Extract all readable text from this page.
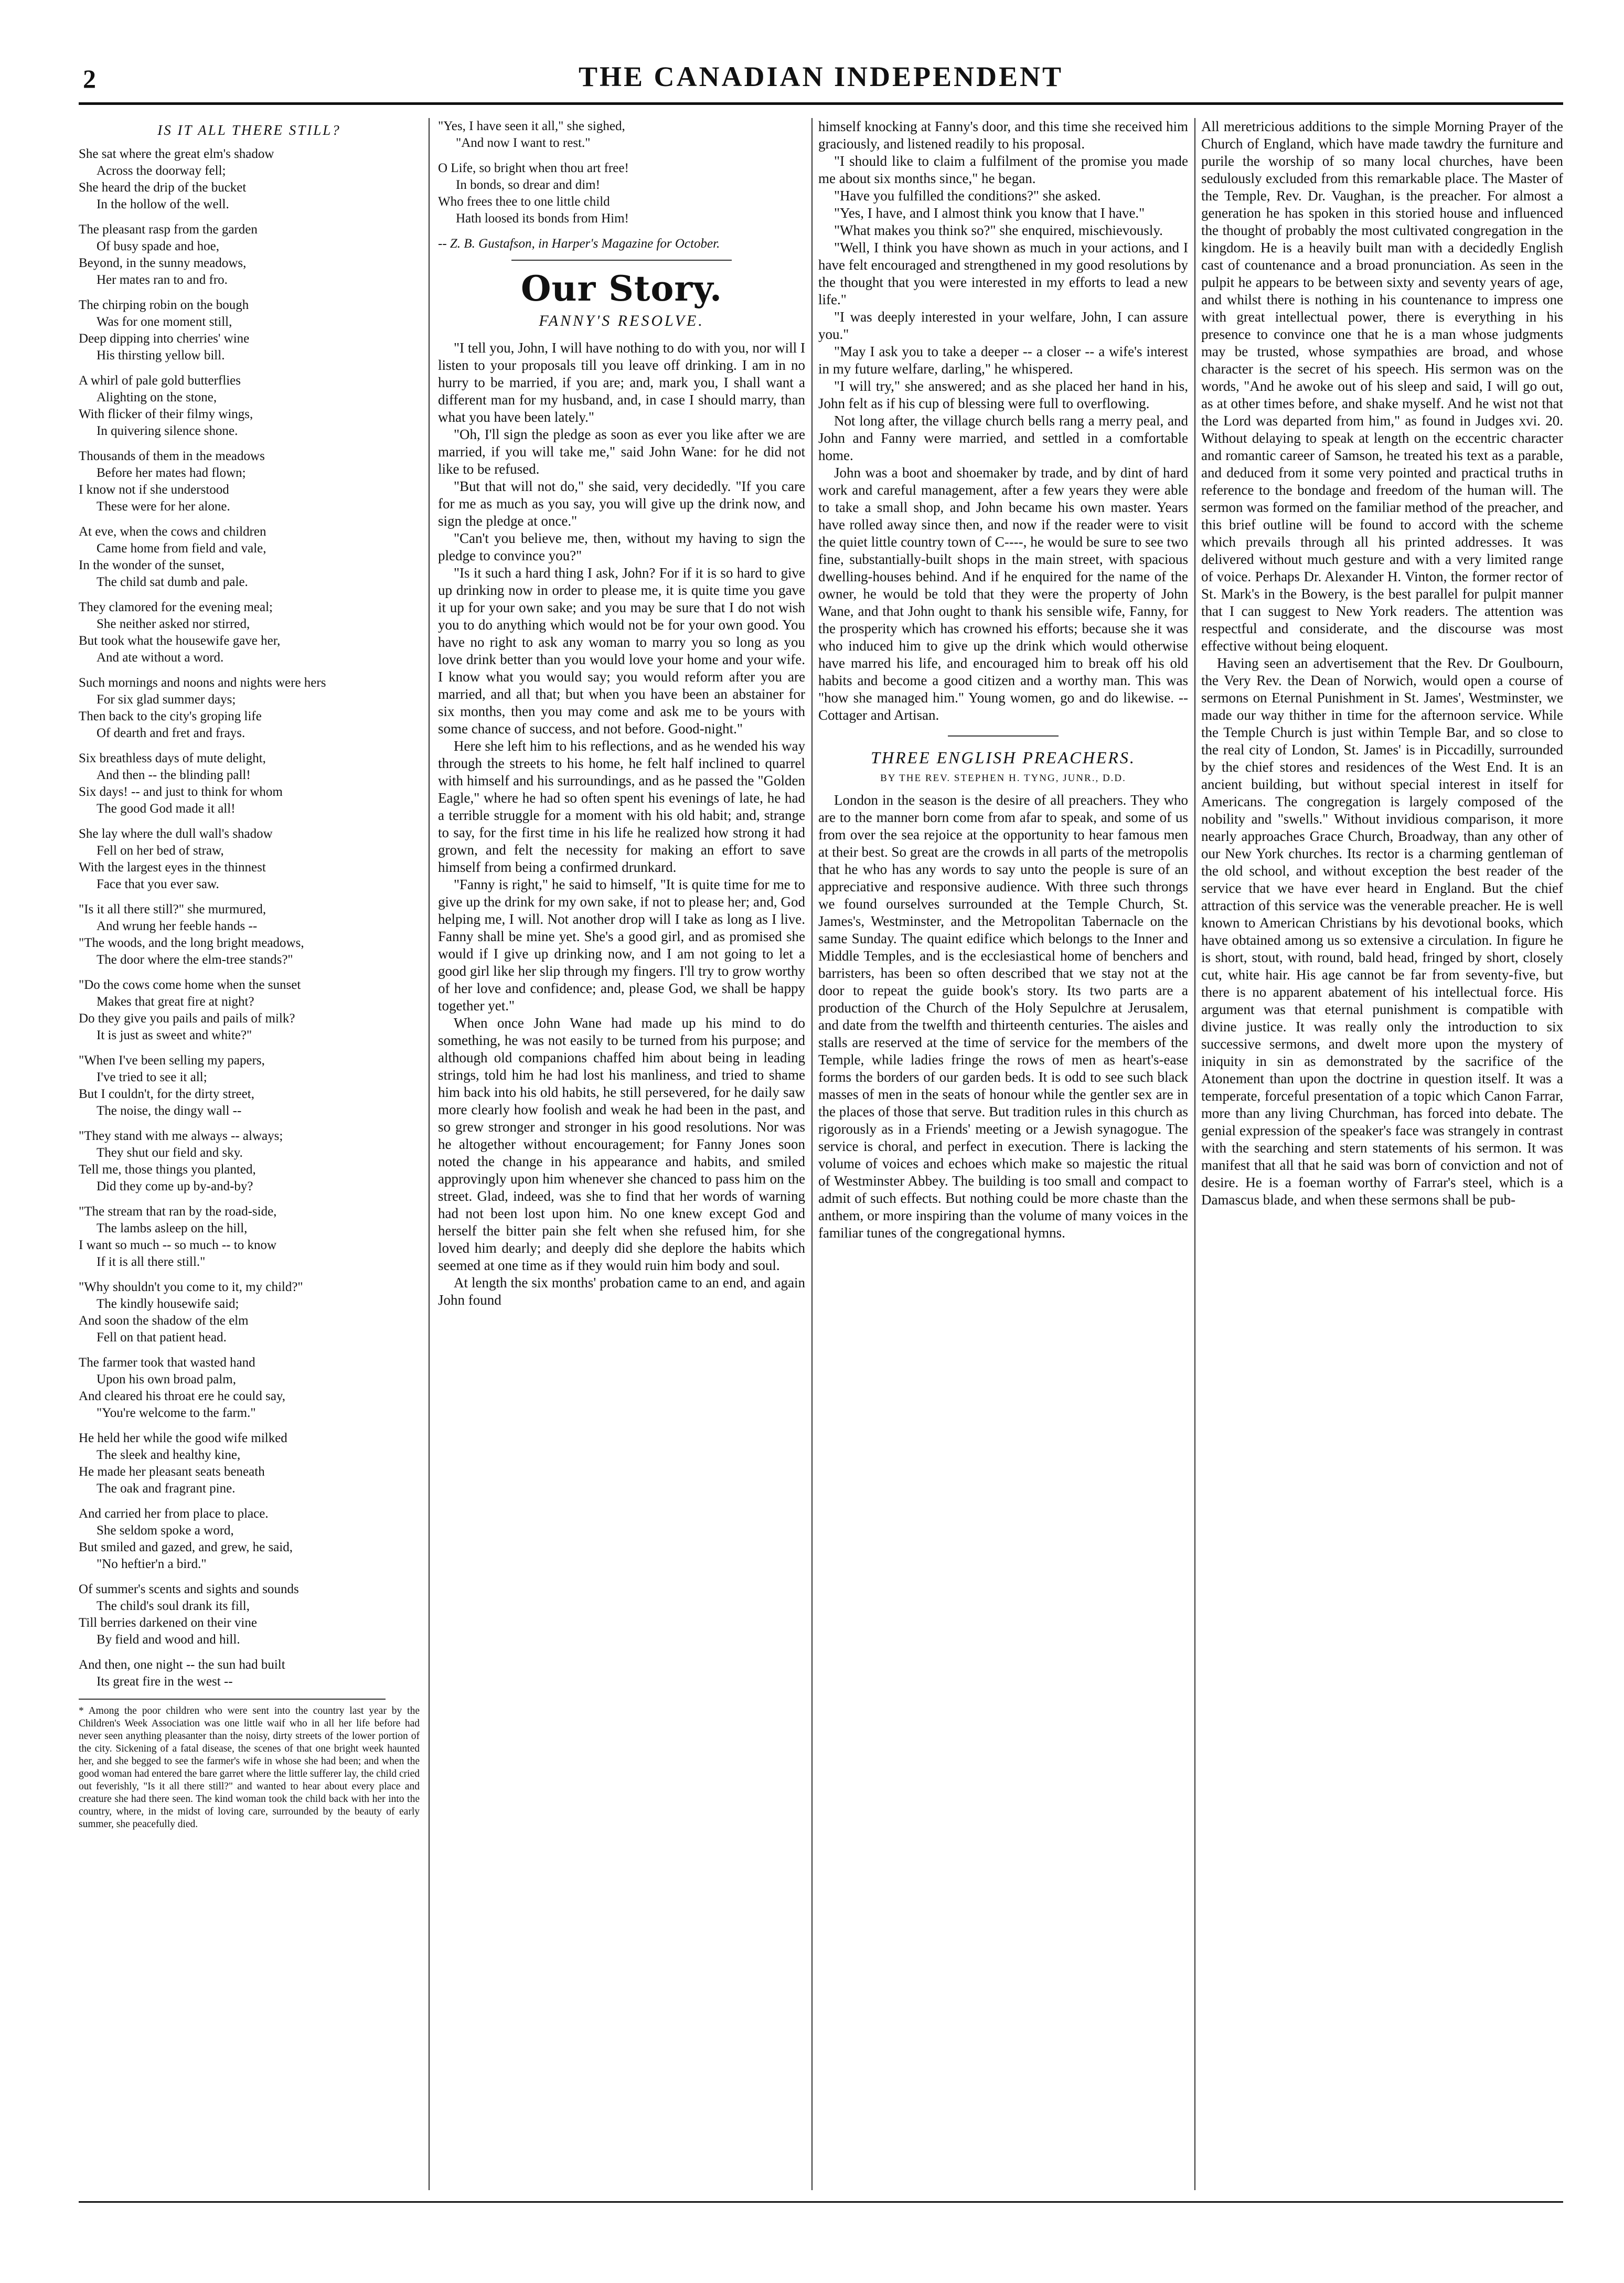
2	THE CANADIAN INDEPENDENT
IS IT ALL THERE STILL?
She sat where the great elm's shadow
Across the doorway fell;
She heard the drip of the bucket
In the hollow of the well.
The pleasant rasp from the garden
Of busy spade and hoe,
Beyond, in the sunny meadows,
Her mates ran to and fro.
The chirping robin on the bough
Was for one moment still,
Deep dipping into cherries' wine
His thirsting yellow bill.
A whirl of pale gold butterflies
Alighting on the stone,
With flicker of their filmy wings,
In quivering silence shone.
Thousands of them in the meadows
Before her mates had flown;
I know not if she understood
These were for her alone.
At eve, when the cows and children
Came home from field and vale,
In the wonder of the sunset,
The child sat dumb and pale.
They clamored for the evening meal;
She neither asked nor stirred,
But took what the housewife gave her,
And ate without a word.
Such mornings and noons and nights were hers
For six glad summer days;
Then back to the city's groping life
Of dearth and fret and frays.
Six breathless days of mute delight,
And then -- the blinding pall!
Six days! -- and just to think for whom
The good God made it all!
She lay where the dull wall's shadow
Fell on her bed of straw,
With the largest eyes in the thinnest
Face that you ever saw.
"Is it all there still?" she murmured,
And wrung her feeble hands --
"The woods, and the long bright meadows,
The door where the elm-tree stands?"
"Do the cows come home when the sunset
Makes that great fire at night?
Do they give you pails and pails of milk?
It is just as sweet and white?"
"When I've been selling my papers,
I've tried to see it all;
But I couldn't, for the dirty street,
The noise, the dingy wall --
"They stand with me always -- always;
They shut our field and sky.
Tell me, those things you planted,
Did they come up by-and-by?
"The stream that ran by the road-side,
The lambs asleep on the hill,
I want so much -- so much -- to know
If it is all there still."
"Why shouldn't you come to it, my child?"
The kindly housewife said;
And soon the shadow of the elm
Fell on that patient head.
The farmer took that wasted hand
Upon his own broad palm,
And cleared his throat ere he could say,
"You're welcome to the farm."
He held her while the good wife milked
The sleek and healthy kine,
He made her pleasant seats beneath
The oak and fragrant pine.
And carried her from place to place.
She seldom spoke a word,
But smiled and gazed, and grew, he said,
"No heftier'n a bird."
Of summer's scents and sights and sounds
The child's soul drank its fill,
Till berries darkened on their vine
By field and wood and hill.
And then, one night -- the sun had built
Its great fire in the west --
* Among the poor children who were sent into the country last year by the Children's Week Association was one little waif who in all her life before had never seen anything pleasanter than the noisy, dirty streets of the lower portion of the city. Sickening of a fatal disease, the scenes of that one bright week haunted her, and she begged to see the farmer's wife in whose she had been; and when the good woman had entered the bare garret where the little sufferer lay, the child cried out feverishly, "Is it all there still?" and wanted to hear about every place and creature she had there seen. The kind woman took the child back with her into the country, where, in the midst of loving care, surrounded by the beauty of early summer, she peacefully died.
"Yes, I have seen it all," she sighed,
"And now I want to rest."
O Life, so bright when thou art free!
In bonds, so drear and dim!
Who frees thee to one little child
Hath loosed its bonds from Him!
-- Z. B. Gustafson, in Harper's Magazine for October.
Our Story.
FANNY'S RESOLVE.

"I tell you, John, I will have nothing to do with you, nor will I listen to your proposals till you leave off drinking. I am in no hurry to be married, if you are; and, mark you, I shall want a different man for my husband, and, in case I should marry, than what you have been lately."

"Oh, I'll sign the pledge as soon as ever you like after we are married, if you will take me," said John Wane: for he did not like to be refused.

"But that will not do," she said, very decidedly. "If you care for me as much as you say, you will give up the drink now, and sign the pledge at once."

"Can't you believe me, then, without my having to sign the pledge to convince you?"

"Is it such a hard thing I ask, John? For if it is so hard to give up drinking now in order to please me, it is quite time you gave it up for your own sake; and you may be sure that I do not wish you to do anything which would not be for your own good. You have no right to ask any woman to marry you so long as you love drink better than you would love your home and your wife. I know what you would say; you would reform after you are married, and all that; but when you have been an abstainer for six months, then you may come and ask me to be yours with some chance of success, and not before. Good-night."

Here she left him to his reflections, and as he wended his way through the streets to his home, he felt half inclined to quarrel with himself and his surroundings, and as he passed the "Golden Eagle," where he had so often spent his evenings of late, he had a terrible struggle for a moment with his old habit; and, strange to say, for the first time in his life he realized how strong it had grown, and felt the necessity for making an effort to save himself from being a confirmed drunkard.

"Fanny is right," he said to himself, "It is quite time for me to give up the drink for my own sake, if not to please her; and, God helping me, I will. Not another drop will I take as long as I live. Fanny shall be mine yet. She's a good girl, and as promised she would if I give up drinking now, and I am not going to let a good girl like her slip through my fingers. I'll try to grow worthy of her love and confidence; and, please God, we shall be happy together yet."

When once John Wane had made up his mind to do something, he was not easily to be turned from his purpose; and although old companions chaffed him about being in leading strings, told him he had lost his manliness, and tried to shame him back into his old habits, he still persevered, for he daily saw more clearly how foolish and weak he had been in the past, and so grew stronger and stronger in his good resolutions. Nor was he altogether without encouragement; for Fanny Jones soon noted the change in his appearance and habits, and smiled approvingly upon him whenever she chanced to pass him on the street. Glad, indeed, was she to find that her words of warning had not been lost upon him. No one knew except God and herself the bitter pain she felt when she refused him, for she loved him dearly; and deeply did she deplore the habits which seemed at one time as if they would ruin him body and soul.

At length the six months' probation came to an end, and again John found

himself knocking at Fanny's door, and this time she received him graciously, and listened readily to his proposal.

"I should like to claim a fulfilment of the promise you made me about six months since," he began.

"Have you fulfilled the conditions?" she asked.

"Yes, I have, and I almost think you know that I have."

"What makes you think so?" she enquired, mischievously.

"Well, I think you have shown as much in your actions, and I have felt encouraged and strengthened in my good resolutions by the thought that you were interested in my efforts to lead a new life."

"I was deeply interested in your welfare, John, I can assure you."

"May I ask you to take a deeper -- a closer -- a wife's interest in my future welfare, darling," he whispered.

"I will try," she answered; and as she placed her hand in his, John felt as if his cup of blessing were full to overflowing.

Not long after, the village church bells rang a merry peal, and John and Fanny were married, and settled in a comfortable home.

John was a boot and shoemaker by trade, and by dint of hard work and careful management, after a few years they were able to take a small shop, and John became his own master. Years have rolled away since then, and now if the reader were to visit the quiet little country town of C----, he would be sure to see two fine, substantially-built shops in the main street, with spacious dwelling-houses behind. And if he enquired for the name of the owner, he would be told that they were the property of John Wane, and that John ought to thank his sensible wife, Fanny, for the prosperity which has crowned his efforts; because she it was who induced him to give up the drink which would otherwise have marred his life, and encouraged him to break off his old habits and become a good citizen and a worthy man. This was "how she managed him." Young women, go and do likewise. -- Cottager and Artisan.

THREE ENGLISH PREACHERS.
BY THE REV. STEPHEN H. TYNG, JUNR., D.D.

London in the season is the desire of all preachers. They who are to the manner born come from afar to speak, and some of us from over the sea rejoice at the opportunity to hear famous men at their best. So great are the crowds in all parts of the metropolis that he who has any words to say unto the people is sure of an appreciative and responsive audience. With three such throngs we found ourselves surrounded at the Temple Church, St. James's, Westminster, and the Metropolitan Tabernacle on the same Sunday. The quaint edifice which belongs to the Inner and Middle Temples, and is the ecclesiastical home of benchers and barristers, has been so often described that we stay not at the door to repeat the guide book's story. Its two parts are a production of the Church of the Holy Sepulchre at Jerusalem, and date from the twelfth and thirteenth centuries. The aisles and stalls are reserved at the time of service for the members of the Temple, while ladies fringe the rows of men as heart's-ease forms the borders of our garden beds. It is odd to see such black masses of men in the seats of honour while the gentler sex are in the places of those that serve. But tradition rules in this church as rigorously as in a Friends' meeting or a Jewish synagogue. The service is choral, and perfect in execution. There is lacking the volume of voices and echoes which make so majestic the ritual of Westminster Abbey. The building is too small and compact to admit of such effects. But nothing could be more chaste than the anthem, or more inspiring than the volume of many voices in the familiar tunes of the congregational hymns.

All meretricious additions to the simple Morning Prayer of the Church of England, which have made tawdry the furniture and purile the worship of so many local churches, have been sedulously excluded from this remarkable place. The Master of the Temple, Rev. Dr. Vaughan, is the preacher. For almost a generation he has spoken in this storied house and influenced the thought of probably the most cultivated congregation in the kingdom. He is a heavily built man with a decidedly English cast of countenance and a broad pronunciation. As seen in the pulpit he appears to be between sixty and seventy years of age, and whilst there is nothing in his countenance to impress one with great intellectual power, there is everything in his presence to convince one that he is a man whose judgments may be trusted, whose sympathies are broad, and whose character is the secret of his speech. His sermon was on the words, "And he awoke out of his sleep and said, I will go out, as at other times before, and shake myself. And he wist not that the Lord was departed from him," as found in Judges xvi. 20. Without delaying to speak at length on the eccentric character and romantic career of Samson, he treated his text as a parable, and deduced from it some very pointed and practical truths in reference to the bondage and freedom of the human will. The sermon was formed on the familiar method of the preacher, and this brief outline will be found to accord with the scheme which prevails through all his printed addresses. It was delivered without much gesture and with a very limited range of voice. Perhaps Dr. Alexander H. Vinton, the former rector of St. Mark's in the Bowery, is the best parallel for pulpit manner that I can suggest to New York readers. The attention was respectful and considerate, and the discourse was most effective without being eloquent.

Having seen an advertisement that the Rev. Dr Goulbourn, the Very Rev. the Dean of Norwich, would open a course of sermons on Eternal Punishment in St. James', Westminster, we made our way thither in time for the afternoon service. While the Temple Church is just within Temple Bar, and so close to the real city of London, St. James' is in Piccadilly, surrounded by the chief stores and residences of the West End. It is an ancient building, but without special interest in itself for Americans. The congregation is largely composed of the nobility and "swells." Without invidious comparison, it more nearly approaches Grace Church, Broadway, than any other of our New York churches. Its rector is a charming gentleman of the old school, and without exception the best reader of the service that we have ever heard in England. But the chief attraction of this service was the venerable preacher. He is well known to American Christians by his devotional books, which have obtained among us so extensive a circulation. In figure he is short, stout, with round, bald head, fringed by short, closely cut, white hair. His age cannot be far from seventy-five, but there is no apparent abatement of his intellectual force. His argument was that eternal punishment is compatible with divine justice. It was really only the introduction to six successive sermons, and dwelt more upon the mystery of iniquity in sin as demonstrated by the sacrifice of the Atonement than upon the doctrine in question itself. It was a temperate, forceful presentation of a topic which Canon Farrar, more than any living Churchman, has forced into debate. The genial expression of the speaker's face was strangely in contrast with the searching and stern statements of his sermon. It was manifest that all that he said was born of conviction and not of desire. He is a foeman worthy of Farrar's steel, which is a Damascus blade, and when these sermons shall be pub-
